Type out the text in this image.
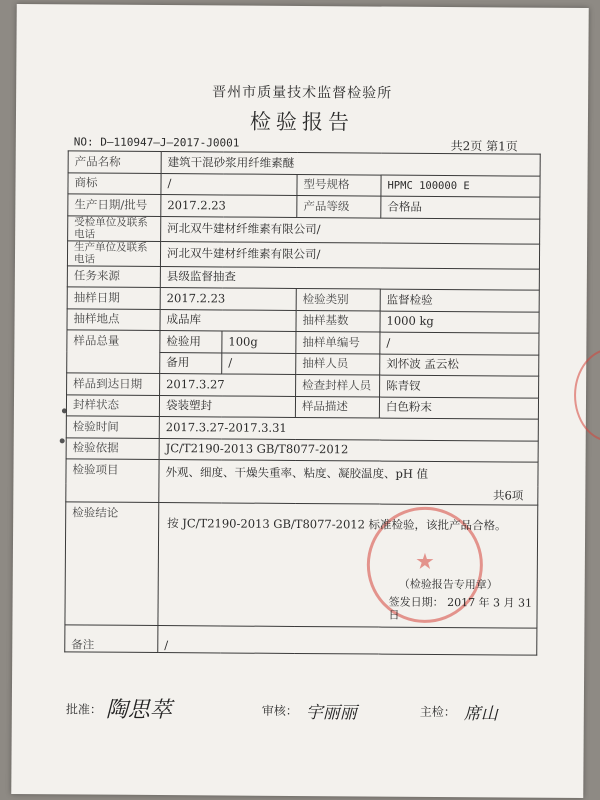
晋州市质量技术监督检验所
检验报告
NO: D—110947—J—2017-J0001	共2页 第1页
产品名称	建筑干混砂浆用纤维素醚			
商标	/		型号规格	HPMC 100000 E
生产日期/批号	2017.2.23		产品等级	合格品
受检单位及联系电话	河北双牛建材纤维素有限公司/			
生产单位及联系电话	河北双牛建材纤维素有限公司/			
任务来源	县级监督抽查			
抽样日期	2017.2.23		检验类别	监督检验
抽样地点	成品库		抽样基数	1000 kg
样品总量	检验用	100g	抽样单编号	/
	备用	/	抽样人员	刘怀波 孟云松
样品到达日期	2017.3.27		检查封样人员	陈青钗
封样状态	袋装塑封		样品描述	白色粉末
检验时间	2017.3.27-2017.3.31			
检验依据	JC/T2190-2013 GB/T8077-2012			
检验项目	外观、细度、干燥失重率、粘度、凝胶温度、pH 值			
	共6项			
检验结论	★
按 JC/T2190-2013 GB/T8077-2012 标准检验，该批产品合格。
（检验报告专用章）
签发日期： 2017 年 3 月 31 日			

备注	/			
批准： 陶思萃	审核： 宇丽丽	主检： 席山
